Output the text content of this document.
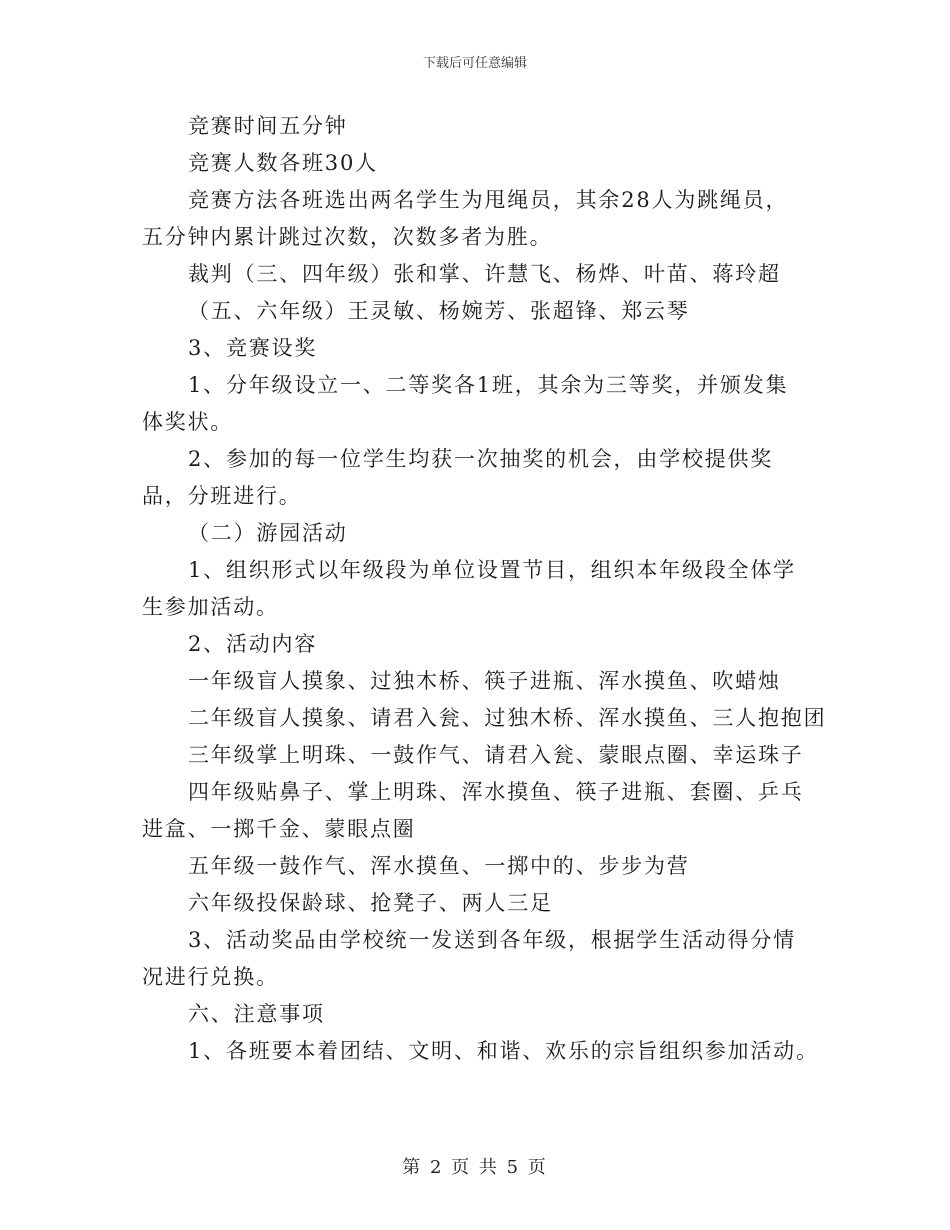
下载后可任意编辑

竞赛时间五分钟

竞赛人数各班30人

竞赛方法各班选出两名学生为甩绳员，其余28人为跳绳员，五分钟内累计跳过次数，次数多者为胜。

裁判（三、四年级）张和掌、许慧飞、杨烨、叶苗、蒋玲超

（五、六年级）王灵敏、杨婉芳、张超锋、郑云琴

3、竞赛设奖

1、分年级设立一、二等奖各1班，其余为三等奖，并颁发集体奖状。

2、参加的每一位学生均获一次抽奖的机会，由学校提供奖品，分班进行。

（二）游园活动

1、组织形式以年级段为单位设置节目，组织本年级段全体学生参加活动。

2、活动内容

一年级盲人摸象、过独木桥、筷子进瓶、浑水摸鱼、吹蜡烛

二年级盲人摸象、请君入瓮、过独木桥、浑水摸鱼、三人抱抱团

三年级掌上明珠、一鼓作气、请君入瓮、蒙眼点圈、幸运珠子

四年级贴鼻子、掌上明珠、浑水摸鱼、筷子进瓶、套圈、乒乓进盒、一掷千金、蒙眼点圈

五年级一鼓作气、浑水摸鱼、一掷中的、步步为营

六年级投保龄球、抢凳子、两人三足

3、活动奖品由学校统一发送到各年级，根据学生活动得分情况进行兑换。

六、注意事项

1、各班要本着团结、文明、和谐、欢乐的宗旨组织参加活动。

第 2 页 共 5 页
